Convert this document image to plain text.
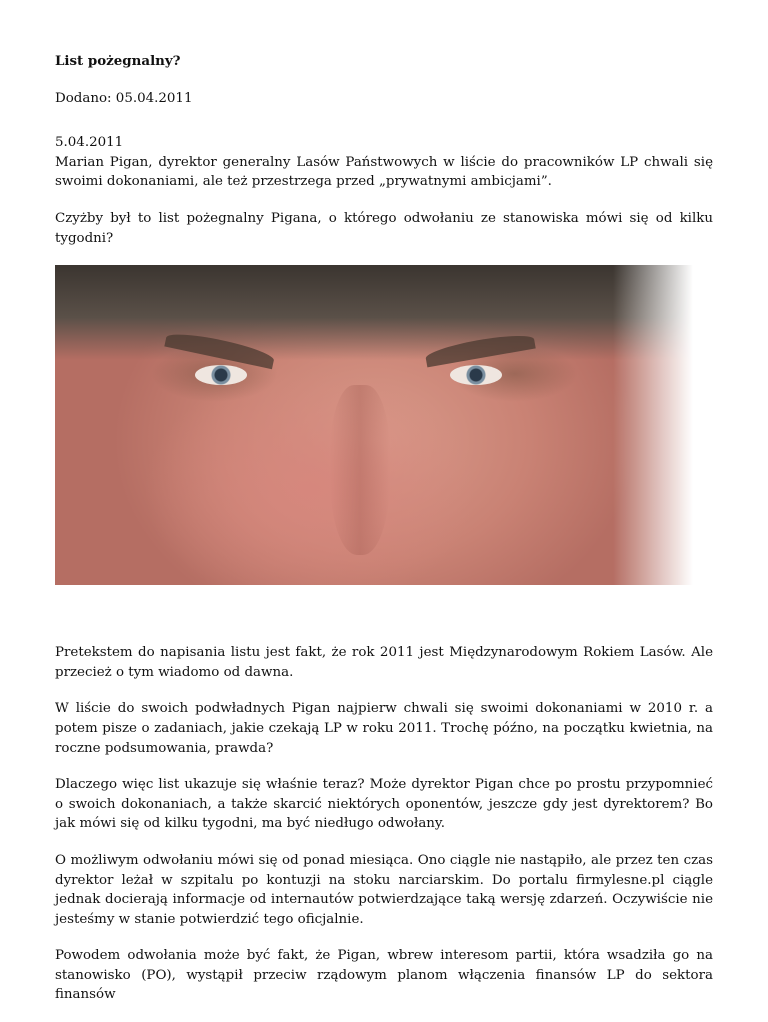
List pożegnalny?
Dodano: 05.04.2011
5.04.2011

Marian Pigan, dyrektor generalny Lasów Państwowych w liście do pracowników LP chwali się swoimi dokonaniami, ale też przestrzega przed „prywatnymi ambicjami”.

Czyżby był to list pożegnalny Pigana, o którego odwołaniu ze stanowiska mówi się od kilku tygodni?

Pretekstem do napisania listu jest fakt, że rok 2011 jest Międzynarodowym Rokiem Lasów. Ale przecież o tym wiadomo od dawna.

W liście do swoich podwładnych Pigan najpierw chwali się swoimi dokonaniami w 2010 r. a potem pisze o zadaniach, jakie czekają LP w roku 2011. Trochę późno, na początku kwietnia, na roczne podsumowania, prawda?

Dlaczego więc list ukazuje się właśnie teraz? Może dyrektor Pigan chce po prostu przypomnieć o swoich dokonaniach, a także skarcić niektórych oponentów, jeszcze gdy jest dyrektorem? Bo jak mówi się od kilku tygodni, ma być niedługo odwołany.

O możliwym odwołaniu mówi się od ponad miesiąca. Ono ciągle nie nastąpiło, ale przez ten czas dyrektor leżał w szpitalu po kontuzji na stoku narciarskim. Do portalu firmylesne.pl ciągle jednak docierają informacje od internautów potwierdzające taką wersję zdarzeń. Oczywiście nie jesteśmy w stanie potwierdzić tego oficjalnie.

Powodem odwołania może być fakt, że Pigan, wbrew interesom partii, która wsadziła go na stanowisko (PO), wystąpił przeciw rządowym planom włączenia finansów LP do sektora finansów
